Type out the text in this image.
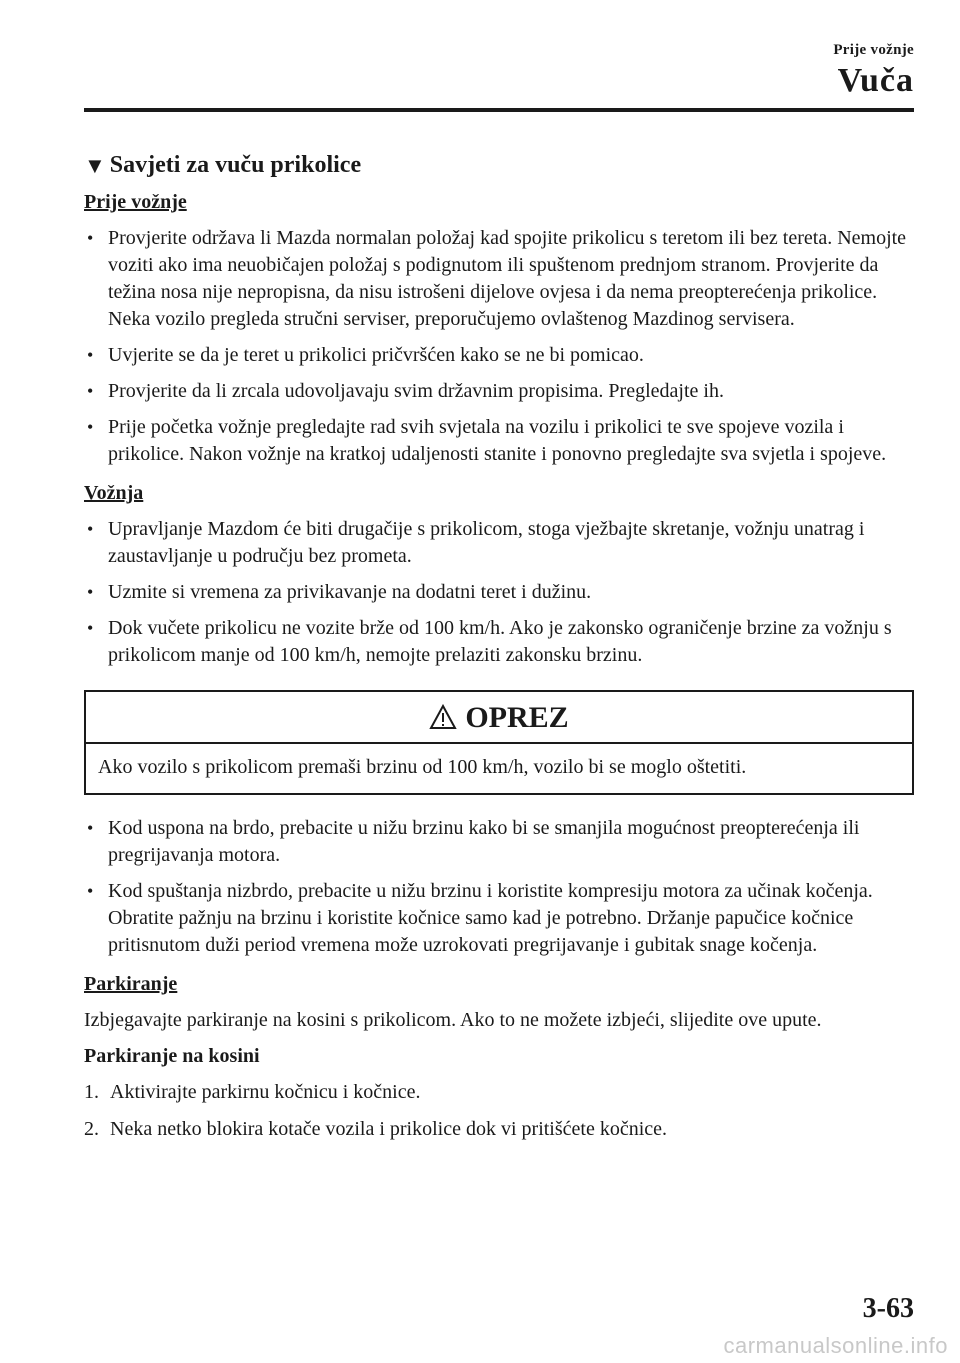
Prije vožnje
Vuča
▼ Savjeti za vuču prikolice
Prije vožnje
• Provjerite održava li Mazda normalan položaj kad spojite prikolicu s teretom ili bez tereta. Nemojte voziti ako ima neuobičajen položaj s podignutom ili spuštenom prednjom stranom. Provjerite da težina nosa nije nepropisna, da nisu istrošeni dijelove ovjesa i da nema preopterećenja prikolice. Neka vozilo pregleda stručni serviser, preporučujemo ovlaštenog Mazdinog servisera.
• Uvjerite se da je teret u prikolici pričvršćen kako se ne bi pomicao.
• Provjerite da li zrcala udovoljavaju svim državnim propisima. Pregledajte ih.
• Prije početka vožnje pregledajte rad svih svjetala na vozilu i prikolici te sve spojeve vozila i prikolice. Nakon vožnje na kratkoj udaljenosti stanite i ponovno pregledajte sva svjetla i spojeve.
Vožnja
• Upravljanje Mazdom će biti drugačije s prikolicom, stoga vježbajte skretanje, vožnju unatrag i zaustavljanje u području bez prometa.
• Uzmite si vremena za privikavanje na dodatni teret i dužinu.
• Dok vučete prikolicu ne vozite brže od 100 km/h. Ako je zakonsko ograničenje brzine za vožnju s prikolicom manje od 100 km/h, nemojte prelaziti zakonsku brzinu.
OPREZ
Ako vozilo s prikolicom premaši brzinu od 100 km/h, vozilo bi se moglo oštetiti.
• Kod uspona na brdo, prebacite u nižu brzinu kako bi se smanjila mogućnost preopterećenja ili pregrijavanja motora.
• Kod spuštanja nizbrdo, prebacite u nižu brzinu i koristite kompresiju motora za učinak kočenja. Obratite pažnju na brzinu i koristite kočnice samo kad je potrebno. Držanje papučice kočnice pritisnutom duži period vremena može uzrokovati pregrijavanje i gubitak snage kočenja.
Parkiranje
Izbjegavajte parkiranje na kosini s prikolicom. Ako to ne možete izbjeći, slijedite ove upute.
Parkiranje na kosini
1. Aktivirajte parkirnu kočnicu i kočnice.
2. Neka netko blokira kotače vozila i prikolice dok vi pritišćete kočnice.
3-63
carmanualsonline.info
